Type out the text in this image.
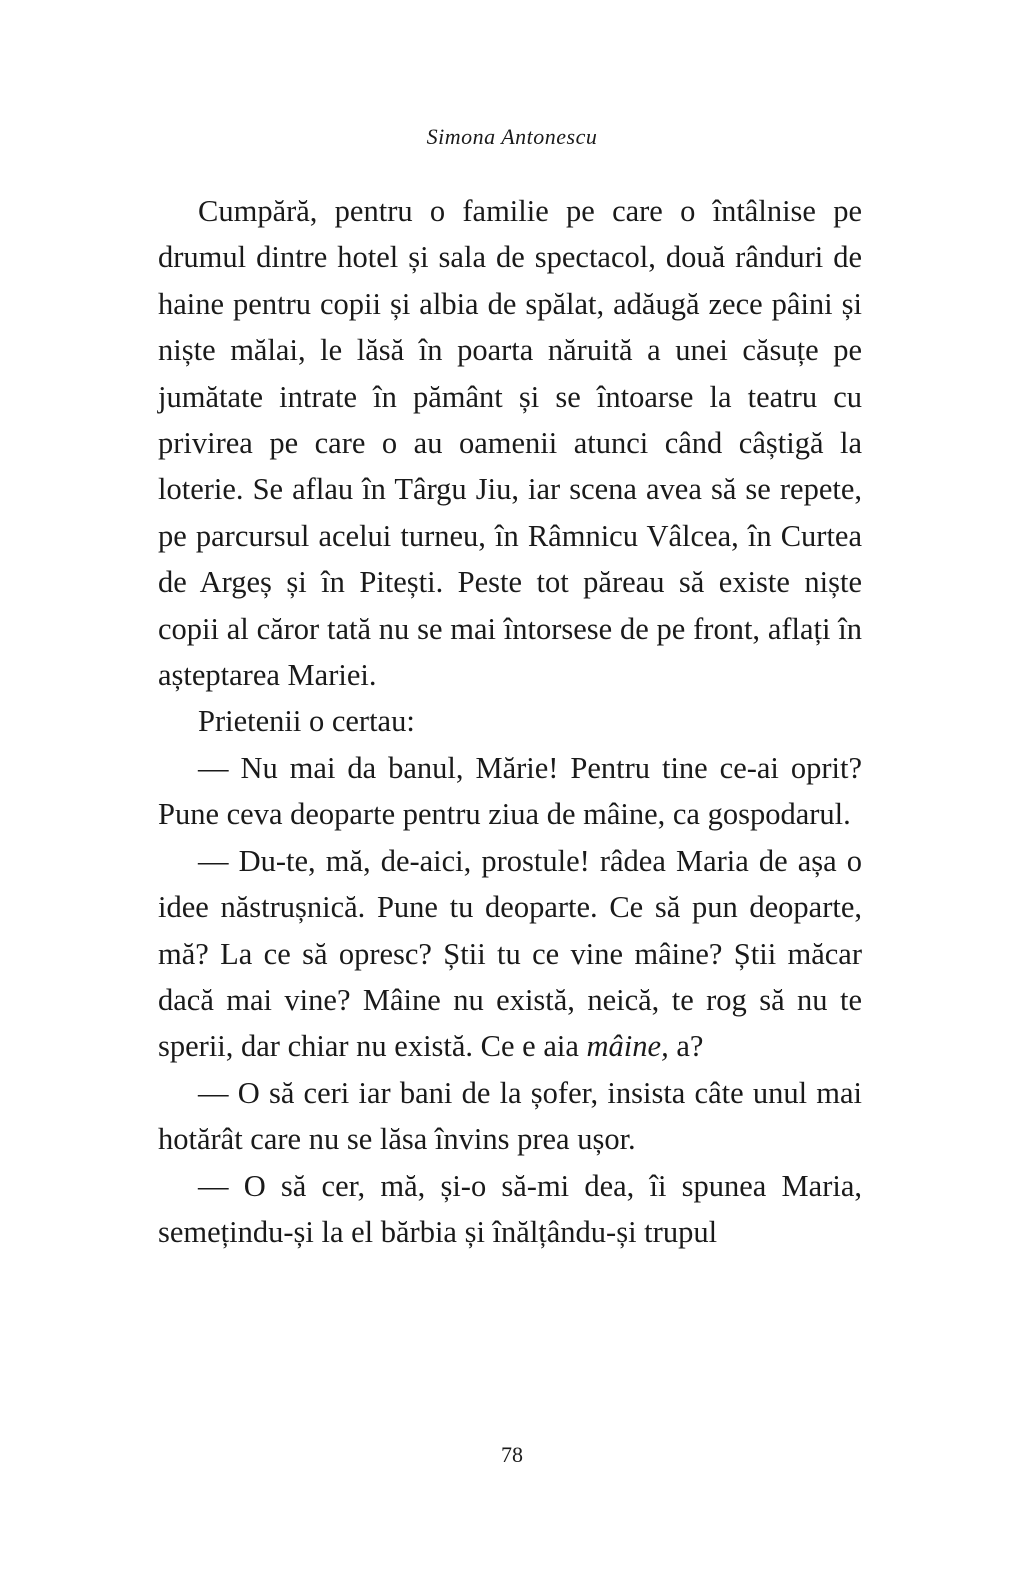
Simona Antonescu

Cumpără, pentru o familie pe care o întâlnise pe drumul dintre hotel și sala de spectacol, două rânduri de haine pentru copii și albia de spălat, adăugă zece pâini și niște mălai, le lăsă în poarta năruită a unei căsuțe pe jumătate intrate în pământ și se întoarse la teatru cu privirea pe care o au oamenii atunci când câștigă la loterie. Se aflau în Târgu Jiu, iar scena avea să se repete, pe parcursul acelui turneu, în Râmnicu Vâlcea, în Curtea de Argeș și în Pitești. Peste tot păreau să existe niște copii al căror tată nu se mai întorsese de pe front, aflați în așteptarea Mariei.

Prietenii o certau:

— Nu mai da banul, Mărie! Pentru tine ce-ai oprit? Pune ceva deoparte pentru ziua de mâine, ca gospodarul.

— Du-te, mă, de-aici, prostule! râdea Maria de așa o idee năstrușnică. Pune tu deoparte. Ce să pun deoparte, mă? La ce să opresc? Știi tu ce vine mâine? Știi măcar dacă mai vine? Mâine nu există, neică, te rog să nu te sperii, dar chiar nu există. Ce e aia mâine, a?

— O să ceri iar bani de la șofer, insista câte unul mai hotărât care nu se lăsa învins prea ușor.

— O să cer, mă, și-o să-mi dea, îi spunea Maria, semețindu-și la el bărbia și înălțându-și trupul

78
